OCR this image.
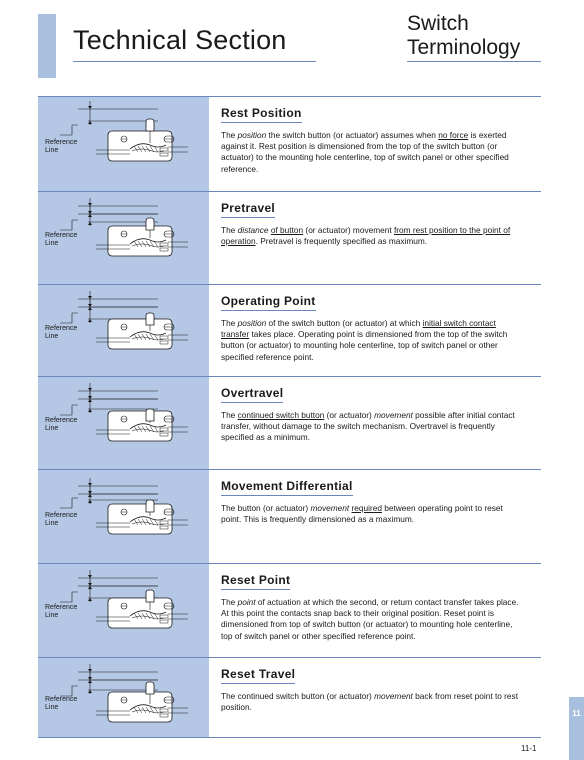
Technical Section
Switch
Terminology
Reference
Line
Rest Position

The position the switch button (or actuator) assumes when no force is exerted against it. Rest position is dimensioned from the top of the switch button (or actuator) to the mounting hole centerline, top of switch panel or other specified reference.

Reference
Line
Pretravel

The distance of button (or actuator) movement from rest position to the point of operation. Pretravel is frequently specified as maximum.

Reference
Line
Operating Point

The position of the switch button (or actuator) at which initial switch contact transfer takes place. Operating point is dimensioned from the top of the switch button (or actuator) to mounting hole centerline, top of switch panel or other specified reference point.

Reference
Line
Overtravel

The continued switch button (or actuator) movement possible after initial contact transfer, without damage to the switch mechanism. Overtravel is frequently specified as a minimum.

Reference
Line
Movement Differential

The button (or actuator) movement required between operating point to reset point. This is frequently dimensioned as a maximum.

Reference
Line
Reset Point

The point of actuation at which the second, or return contact transfer takes place. At this point the contacts snap back to their original position. Reset point is dimensioned from top of switch button (or actuator) to mounting hole centerline, top of switch panel or other specified reference point.

Reference
Line
Reset Travel

The continued switch button (or actuator) movement back from reset point to rest position.

11
11-1
